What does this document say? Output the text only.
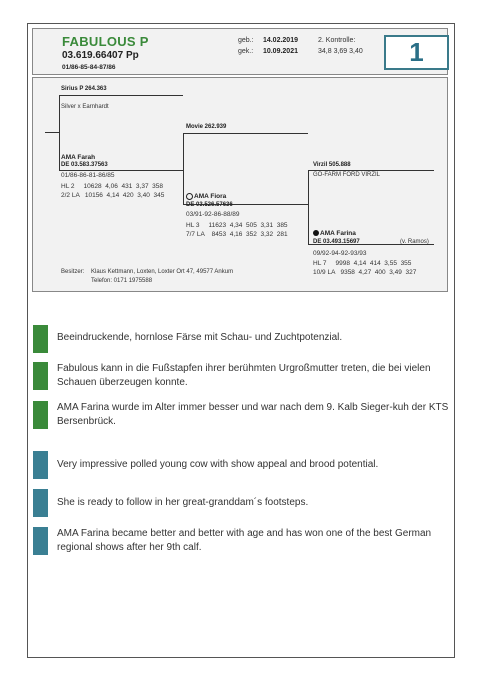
FABULOUS P
03.619.66407 Pp
01/86-85-84-87/86
geb.: 14.02.2019
gek.: 10.09.2021
2. Kontrolle:
34,8 3,69 3,40	1
Sirius P 264.363
Silver x Earnhardt
AMA Farah
DE 03.583.37563
01/86-86-81-86/85
HL 2     10628  4,06  431  3,37  358
2/2 LA   10156  4,14  420  3,40  345
Movie 262.939
AMA Fiora
DE 03.526.57636
03/91-92-86-88/89
HL 3     11623  4,34  505  3,31  385
7/7 LA    8453  4,16  352  3,32  281
Virzil 505.888
GO-FARM FORD VIRZIL
AMA Farina
DE 03.493.15697	(v. Ramos)
09/92-94-92-93/93
HL 7     9998  4,14  414  3,55  355
10/9 LA   9358  4,27  400  3,49  327
Besitzer: Klaus Kettmann, Loxten, Loxter Ort 47, 49577 Ankum
Telefon: 0171 1975588
Beeindruckende, hornlose Färse mit Schau- und Zuchtpotenzial.
Fabulous kann in die Fußstapfen ihrer berühmten Urgroßmutter treten, die bei vielen Schauen überzeugen konnte.
AMA Farina wurde im Alter immer besser und war nach dem 9. Kalb Sieger-kuh der KTS Bersenbrück.
Very impressive polled young cow with show appeal and brood potential.
She is ready to follow in her great-granddam´s footsteps.
AMA Farina became better and better with age and has won one of the best German regional shows after her 9th calf.
